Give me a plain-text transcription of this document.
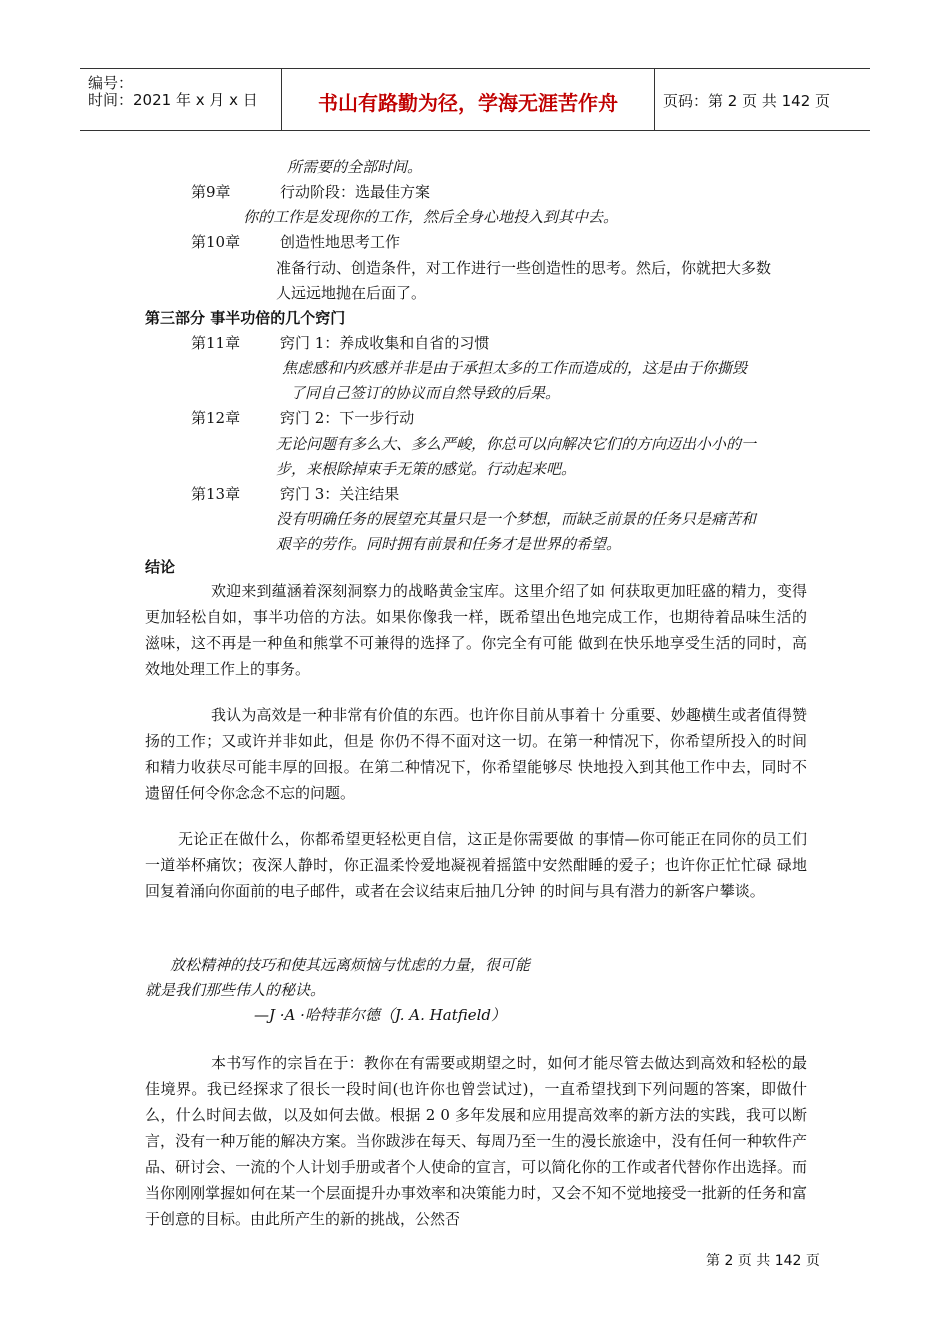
编号：
时间：2021 年 x 月 x 日	书山有路勤为径，学海无涯苦作舟	页码：第 2 页 共 142 页
所需要的全部时间。
第9章	行动阶段：选最佳方案
你的工作是发现你的工作，然后全身心地投入到其中去。
第10章	创造性地思考工作
准备行动、创造条件，对工作进行一些创造性的思考。然后，你就把大多数
人远远地抛在后面了。
第三部分 事半功倍的几个窍门
第11章	窍门 1：养成收集和自省的习惯
焦虑感和内疚感并非是由于承担太多的工作而造成的，这是由于你撕毁
了同自己签订的协议而自然导致的后果。
第12章	窍门 2：下一步行动
无论问题有多么大、多么严峻，你总可以向解决它们的方向迈出小小的一
步，来根除掉束手无策的感觉。行动起来吧。
第13章	窍门 3：关注结果
没有明确任务的展望充其量只是一个梦想，而缺乏前景的任务只是痛苦和
艰辛的劳作。同时拥有前景和任务才是世界的希望。
结论

欢迎来到蕴涵着深刻洞察力的战略黄金宝库。这里介绍了如 何获取更加旺盛的精力，变得更加轻松自如，事半功倍的方法。如果你像我一样，既希望出色地完成工作，也期待着品味生活的 滋味，这不再是一种鱼和熊掌不可兼得的选择了。你完全有可能 做到在快乐地享受生活的同时，高效地处理工作上的事务。

我认为高效是一种非常有价值的东西。也许你目前从事着十 分重要、妙趣横生或者值得赞扬的工作；又或许并非如此，但是 你仍不得不面对这一切。在第一种情况下，你希望所投入的时间 和精力收获尽可能丰厚的回报。在第二种情况下，你希望能够尽 快地投入到其他工作中去，同时不遗留任何令你念念不忘的问题。

无论正在做什么，你都希望更轻松更自信，这正是你需要做 的事情—你可能正在同你的员工们一道举杯痛饮；夜深人静时，你正温柔怜爱地凝视着摇篮中安然酣睡的爱子；也许你正忙忙碌 碌地回复着涌向你面前的电子邮件，或者在会议结束后抽几分钟 的时间与具有潜力的新客户攀谈。

放松精神的技巧和使其远离烦恼与忧虑的力量，很可能
就是我们那些伟人的秘诀。
—J ·A ·哈特菲尔德（J. A. Hatfield）

本书写作的宗旨在于：教你在有需要或期望之时，如何才能尽管去做达到高效和轻松的最佳境界。我已经探求了很长一段时间(也许你也曾尝试过)，一直希望找到下列问题的答案，即做什么，什么时间去做，以及如何去做。根据 2 0 多年发展和应用提高效率的新方法的实践，我可以断言，没有一种万能的解决方案。当你跋涉在每天、每周乃至一生的漫长旅途中，没有任何一种软件产品、研讨会、一流的个人计划手册或者个人使命的宣言，可以简化你的工作或者代替你作出选择。而当你刚刚掌握如何在某一个层面提升办事效率和决策能力时，又会不知不觉地接受一批新的任务和富于创意的目标。由此所产生的新的挑战，公然否

第 2 页 共 142 页
